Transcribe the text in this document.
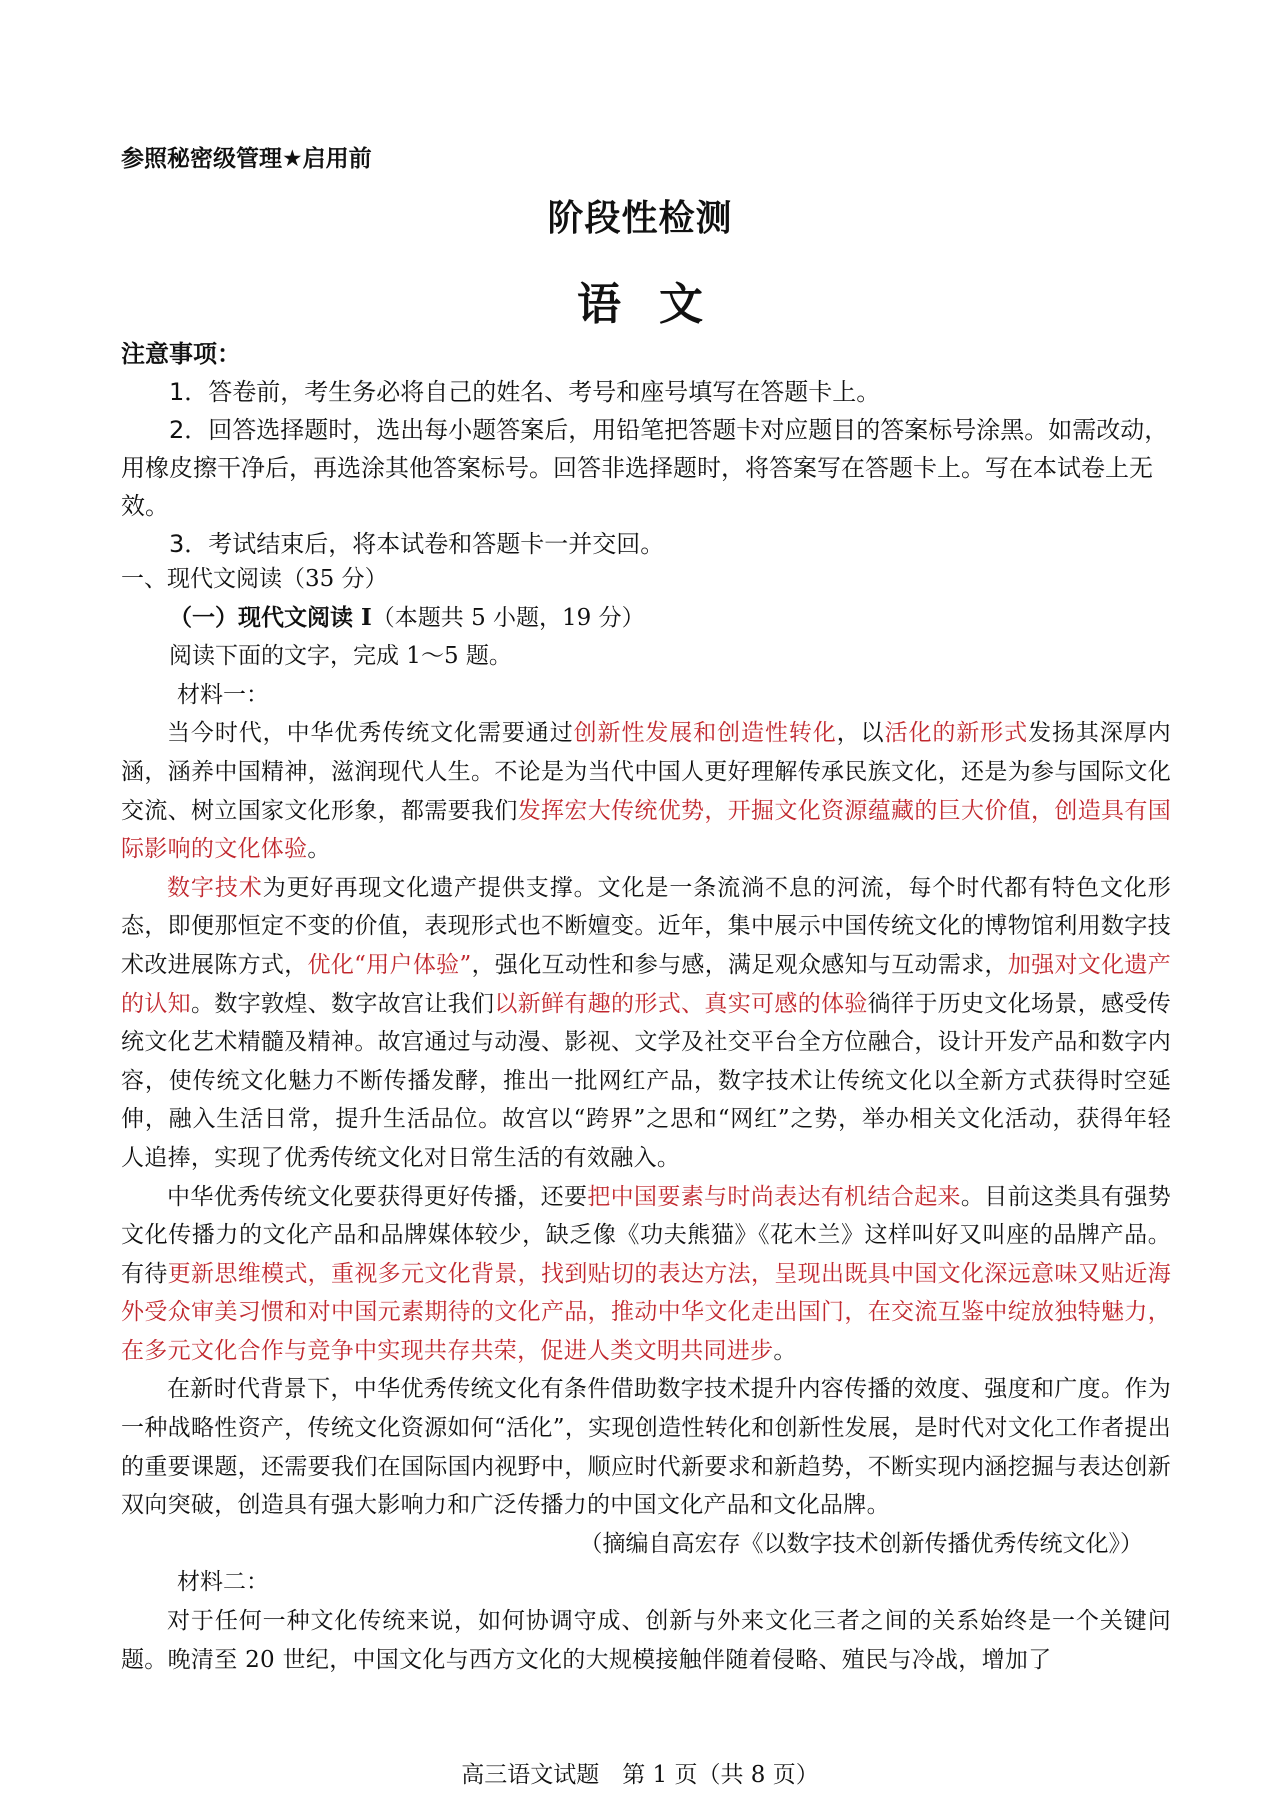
参照秘密级管理★启用前
阶段性检测
语文
注意事项：

1．答卷前，考生务必将自己的姓名、考号和座号填写在答题卡上。

2．回答选择题时，选出每小题答案后，用铅笔把答题卡对应题目的答案标号涂黑。如需改动，用橡皮擦干净后，再选涂其他答案标号。回答非选择题时，将答案写在答题卡上。写在本试卷上无效。

3．考试结束后，将本试卷和答题卡一并交回。

一、现代文阅读（35 分）

（一）现代文阅读 I（本题共 5 小题，19 分）

阅读下面的文字，完成 1～5 题。

材料一：

当今时代，中华优秀传统文化需要通过创新性发展和创造性转化，以活化的新形式发扬其深厚内涵，涵养中国精神，滋润现代人生。不论是为当代中国人更好理解传承民族文化，还是为参与国际文化交流、树立国家文化形象，都需要我们发挥宏大传统优势，开掘文化资源蕴藏的巨大价值，创造具有国际影响的文化体验。

数字技术为更好再现文化遗产提供支撑。文化是一条流淌不息的河流，每个时代都有特色文化形态，即便那恒定不变的价值，表现形式也不断嬗变。近年，集中展示中国传统文化的博物馆利用数字技术改进展陈方式，优化“用户体验”，强化互动性和参与感，满足观众感知与互动需求，加强对文化遗产的认知。数字敦煌、数字故宫让我们以新鲜有趣的形式、真实可感的体验徜徉于历史文化场景，感受传统文化艺术精髓及精神。故宫通过与动漫、影视、文学及社交平台全方位融合，设计开发产品和数字内容，使传统文化魅力不断传播发酵，推出一批网红产品，数字技术让传统文化以全新方式获得时空延伸，融入生活日常，提升生活品位。故宫以“跨界”之思和“网红”之势，举办相关文化活动，获得年轻人追捧，实现了优秀传统文化对日常生活的有效融入。

中华优秀传统文化要获得更好传播，还要把中国要素与时尚表达有机结合起来。目前这类具有强势文化传播力的文化产品和品牌媒体较少，缺乏像《功夫熊猫》《花木兰》这样叫好又叫座的品牌产品。有待更新思维模式，重视多元文化背景，找到贴切的表达方法，呈现出既具中国文化深远意味又贴近海外受众审美习惯和对中国元素期待的文化产品，推动中华文化走出国门，在交流互鉴中绽放独特魅力，在多元文化合作与竞争中实现共存共荣，促进人类文明共同进步。

在新时代背景下，中华优秀传统文化有条件借助数字技术提升内容传播的效度、强度和广度。作为一种战略性资产，传统文化资源如何“活化”，实现创造性转化和创新性发展，是时代对文化工作者提出的重要课题，还需要我们在国际国内视野中，顺应时代新要求和新趋势，不断实现内涵挖掘与表达创新双向突破，创造具有强大影响力和广泛传播力的中国文化产品和文化品牌。

（摘编自高宏存《以数字技术创新传播优秀传统文化》）

材料二：

对于任何一种文化传统来说，如何协调守成、创新与外来文化三者之间的关系始终是一个关键问题。晚清至 20 世纪，中国文化与西方文化的大规模接触伴随着侵略、殖民与冷战，增加了

高三语文试题　第 1 页（共 8 页）
